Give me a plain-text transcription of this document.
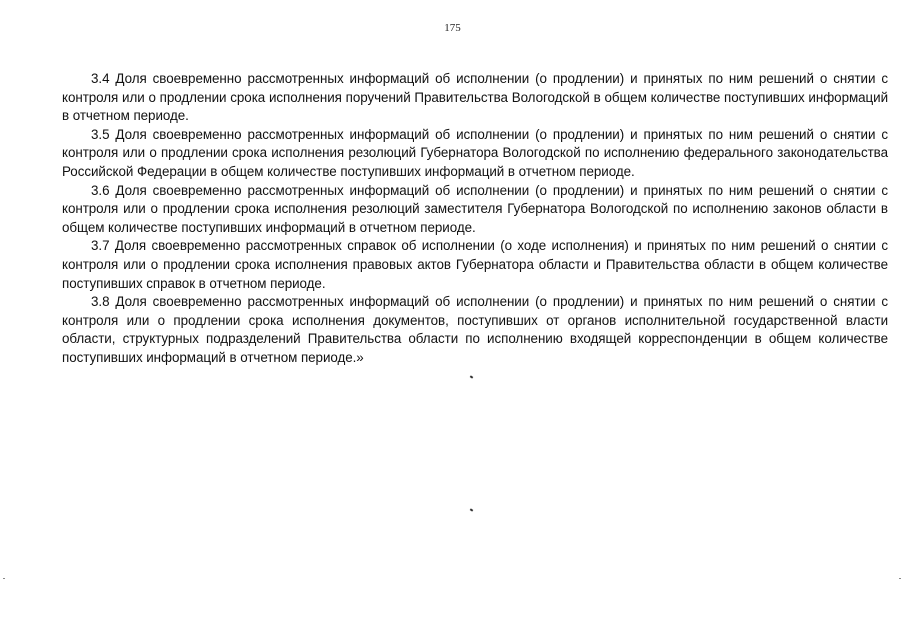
175

3.4 Доля своевременно рассмотренных информаций об исполнении (о продлении) и принятых по ним решений о снятии с контроля или о продлении срока исполнения поручений Правительства Вологодской в общем количестве поступивших информаций в отчетном периоде.

3.5 Доля своевременно рассмотренных информаций об исполнении (о продлении) и принятых по ним решений о снятии с контроля или о продлении срока исполнения резолюций Губернатора Вологодской по исполнению федерального законодательства Российской Федерации в общем количестве поступивших информаций в отчетном периоде.

3.6 Доля своевременно рассмотренных информаций об исполнении (о продлении) и принятых по ним решений о снятии с контроля или о продлении срока исполнения резолюций заместителя Губернатора Вологодской по исполнению законов области в общем количестве поступивших информаций в отчетном периоде.

3.7 Доля своевременно рассмотренных справок об исполнении (о ходе исполнения) и принятых по ним решений о снятии с контроля или о продлении срока исполнения правовых актов Губернатора области и Правительства области в общем количестве поступивших справок в отчетном периоде.

3.8 Доля своевременно рассмотренных информаций об исполнении (о продлении) и принятых по ним решений о снятии с контроля или о продлении срока исполнения документов, поступивших от органов исполнительной государственной власти области, структурных подразделений Правительства области по исполнению входящей корреспонденции в общем количестве поступивших информаций в отчетном периоде.»
